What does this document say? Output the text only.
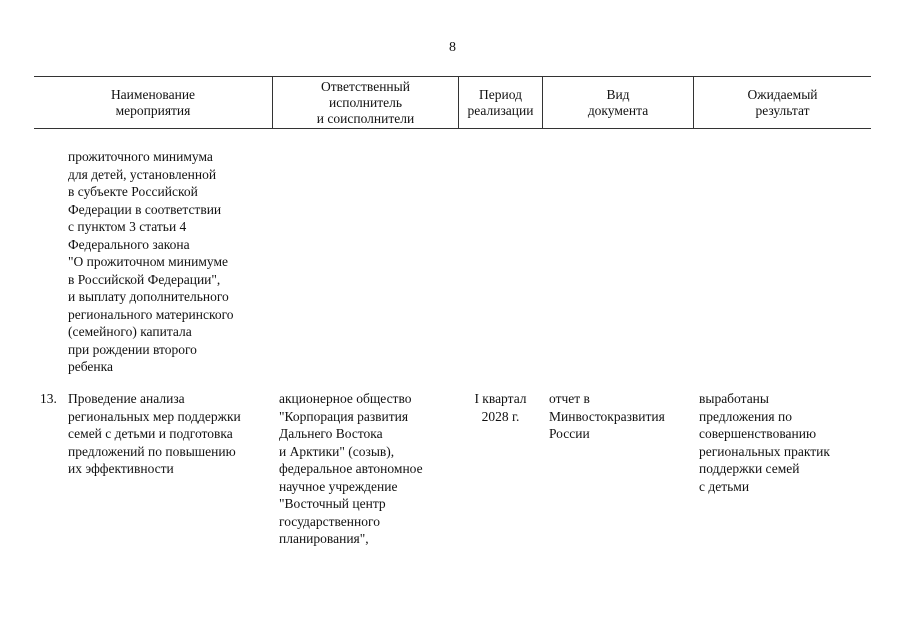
8
Наименование
мероприятия
Ответственный
исполнитель
и соисполнители
Период
реализации
Вид
документа
Ожидаемый
результат
прожиточного минимума
для детей, установленной
в субъекте Российской
Федерации в соответствии
с пунктом 3 статьи 4
Федерального закона
"О прожиточном минимуме
в Российской Федерации",
и выплату дополнительного
регионального материнского
(семейного) капитала
при рождении второго
ребенка
13. Проведение анализа
региональных мер поддержки
семей с детьми и подготовка
предложений по повышению
их эффективности
акционерное общество
"Корпорация развития
Дальнего Востока
и Арктики" (созыв),
федеральное автономное
научное учреждение
"Восточный центр
государственного
планирования",
I квартал
2028 г.
отчет в
Минвостокразвития
России
выработаны
предложения по
совершенствованию
региональных практик
поддержки семей
с детьми
